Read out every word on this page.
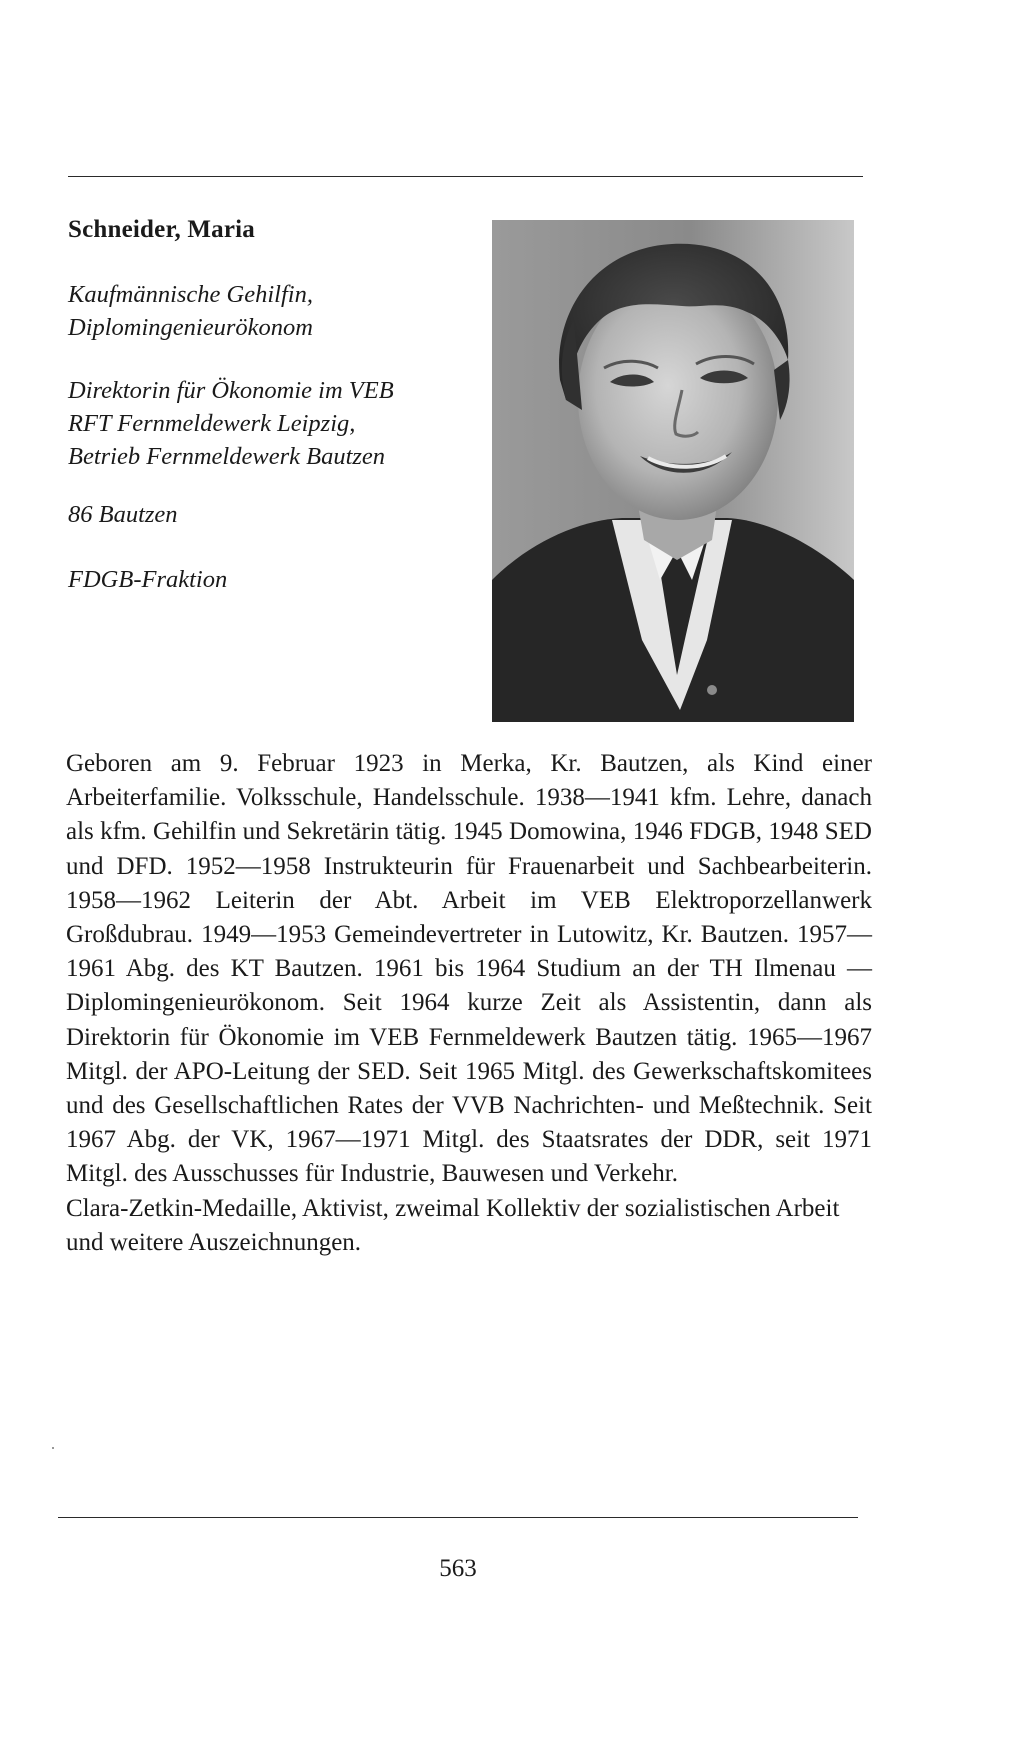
Schneider, Maria
Kaufmännische Gehilfin,
Diplomingenieurökonom
Direktorin für Ökonomie im VEB
RFT Fernmeldewerk Leipzig,
Betrieb Fernmeldewerk Bautzen
86 Bautzen
FDGB-Fraktion

Geboren am 9. Februar 1923 in Merka, Kr. Bautzen, als Kind einer Arbeiterfamilie. Volksschule, Handelsschule. 1938—1941 kfm. Lehre, danach als kfm. Gehilfin und Sekretärin tätig. 1945 Domowina, 1946 FDGB, 1948 SED und DFD. 1952—1958 Instrukteurin für Frauenarbeit und Sachbearbeiterin. 1958—1962 Leiterin der Abt. Arbeit im VEB Elektroporzellanwerk Großdubrau. 1949—1953 Gemeindevertreter in Lutowitz, Kr. Bautzen. 1957—1961 Abg. des KT Bautzen. 1961 bis 1964 Studium an der TH Ilmenau — Diplomingenieurökonom. Seit 1964 kurze Zeit als Assistentin, dann als Direktorin für Ökonomie im VEB Fernmeldewerk Bautzen tätig. 1965—1967 Mitgl. der APO-Leitung der SED. Seit 1965 Mitgl. des Gewerkschaftskomitees und des Gesellschaftlichen Rates der VVB Nachrichten- und Meßtechnik. Seit 1967 Abg. der VK, 1967—1971 Mitgl. des Staatsrates der DDR, seit 1971 Mitgl. des Ausschusses für Industrie, Bauwesen und Verkehr.

Clara-Zetkin-Medaille, Aktivist, zweimal Kollektiv der sozialistischen Arbeit und weitere Auszeichnungen.

563
